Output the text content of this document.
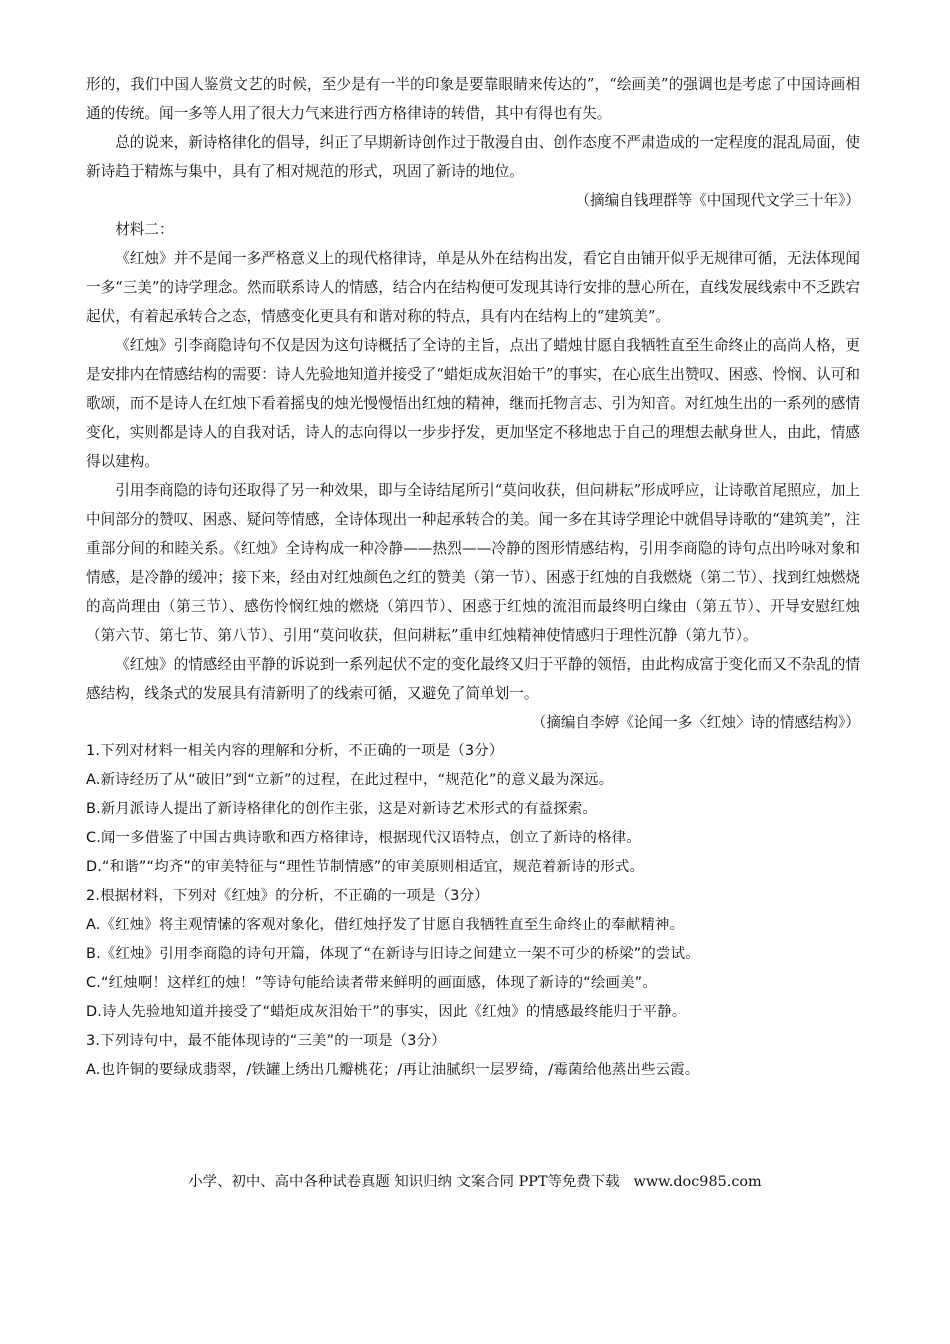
形的，我们中国人鉴赏文艺的时候，至少是有一半的印象是要靠眼睛来传达的”，“绘画美”的强调也是考虑了中国诗画相通的传统。闻一多等人用了很大力气来进行西方格律诗的转借，其中有得也有失。

总的说来，新诗格律化的倡导，纠正了早期新诗创作过于散漫自由、创作态度不严肃造成的一定程度的混乱局面，使新诗趋于精炼与集中，具有了相对规范的形式，巩固了新诗的地位。

（摘编自钱理群等《中国现代文学三十年》）

材料二：

《红烛》并不是闻一多严格意义上的现代格律诗，单是从外在结构出发，看它自由铺开似乎无规律可循，无法体现闻一多“三美”的诗学理念。然而联系诗人的情感，结合内在结构便可发现其诗行安排的慧心所在，直线发展线索中不乏跌宕起伏，有着起承转合之态，情感变化更具有和谐对称的特点，具有内在结构上的“建筑美”。

《红烛》引李商隐诗句不仅是因为这句诗概括了全诗的主旨，点出了蜡烛甘愿自我牺牲直至生命终止的高尚人格，更是安排内在情感结构的需要：诗人先验地知道并接受了“蜡炬成灰泪始干”的事实，在心底生出赞叹、困惑、怜悯、认可和歌颂，而不是诗人在红烛下看着摇曳的烛光慢慢悟出红烛的精神，继而托物言志、引为知音。对红烛生出的一系列的感情变化，实则都是诗人的自我对话，诗人的志向得以一步步抒发，更加坚定不移地忠于自己的理想去献身世人，由此，情感得以建构。

引用李商隐的诗句还取得了另一种效果，即与全诗结尾所引“莫问收获，但问耕耘”形成呼应，让诗歌首尾照应，加上中间部分的赞叹、困惑、疑问等情感，全诗体现出一种起承转合的美。闻一多在其诗学理论中就倡导诗歌的“建筑美”，注重部分间的和睦关系。《红烛》全诗构成一种冷静——热烈——冷静的图形情感结构，引用李商隐的诗句点出吟咏对象和情感，是冷静的缓冲；接下来，经由对红烛颜色之红的赞美（第一节）、困惑于红烛的自我燃烧（第二节）、找到红烛燃烧的高尚理由（第三节）、感伤怜悯红烛的燃烧（第四节）、困惑于红烛的流泪而最终明白缘由（第五节）、开导安慰红烛（第六节、第七节、第八节）、引用“莫问收获，但问耕耘”重申红烛精神使情感归于理性沉静（第九节）。

《红烛》的情感经由平静的诉说到一系列起伏不定的变化最终又归于平静的领悟，由此构成富于变化而又不杂乱的情感结构，线条式的发展具有清新明了的线索可循，又避免了简单划一。

（摘编自李婷《论闻一多〈红烛〉诗的情感结构》）

1.下列对材料一相关内容的理解和分析，不正确的一项是（3分）

A.新诗经历了从“破旧”到“立新”的过程，在此过程中，“规范化”的意义最为深远。

B.新月派诗人提出了新诗格律化的创作主张，这是对新诗艺术形式的有益探索。

C.闻一多借鉴了中国古典诗歌和西方格律诗，根据现代汉语特点，创立了新诗的格律。

D.“和谐”“均齐”的审美特征与“理性节制情感”的审美原则相适宜，规范着新诗的形式。

2.根据材料，下列对《红烛》的分析，不正确的一项是（3分）

A.《红烛》将主观情愫的客观对象化，借红烛抒发了甘愿自我牺牲直至生命终止的奉献精神。

B.《红烛》引用李商隐的诗句开篇，体现了“在新诗与旧诗之间建立一架不可少的桥梁”的尝试。

C.“红烛啊！这样红的烛！”等诗句能给读者带来鲜明的画面感，体现了新诗的“绘画美”。

D.诗人先验地知道并接受了“蜡炬成灰泪始干”的事实，因此《红烛》的情感最终能归于平静。

3.下列诗句中，最不能体现诗的“三美”的一项是（3分）

A.也许铜的要绿成翡翠，/铁罐上绣出几瓣桃花；/再让油腻织一层罗绮，/霉菌给他蒸出些云霞。

小学、初中、高中各种试卷真题 知识归纳 文案合同 PPT等免费下载 www.doc985.com
